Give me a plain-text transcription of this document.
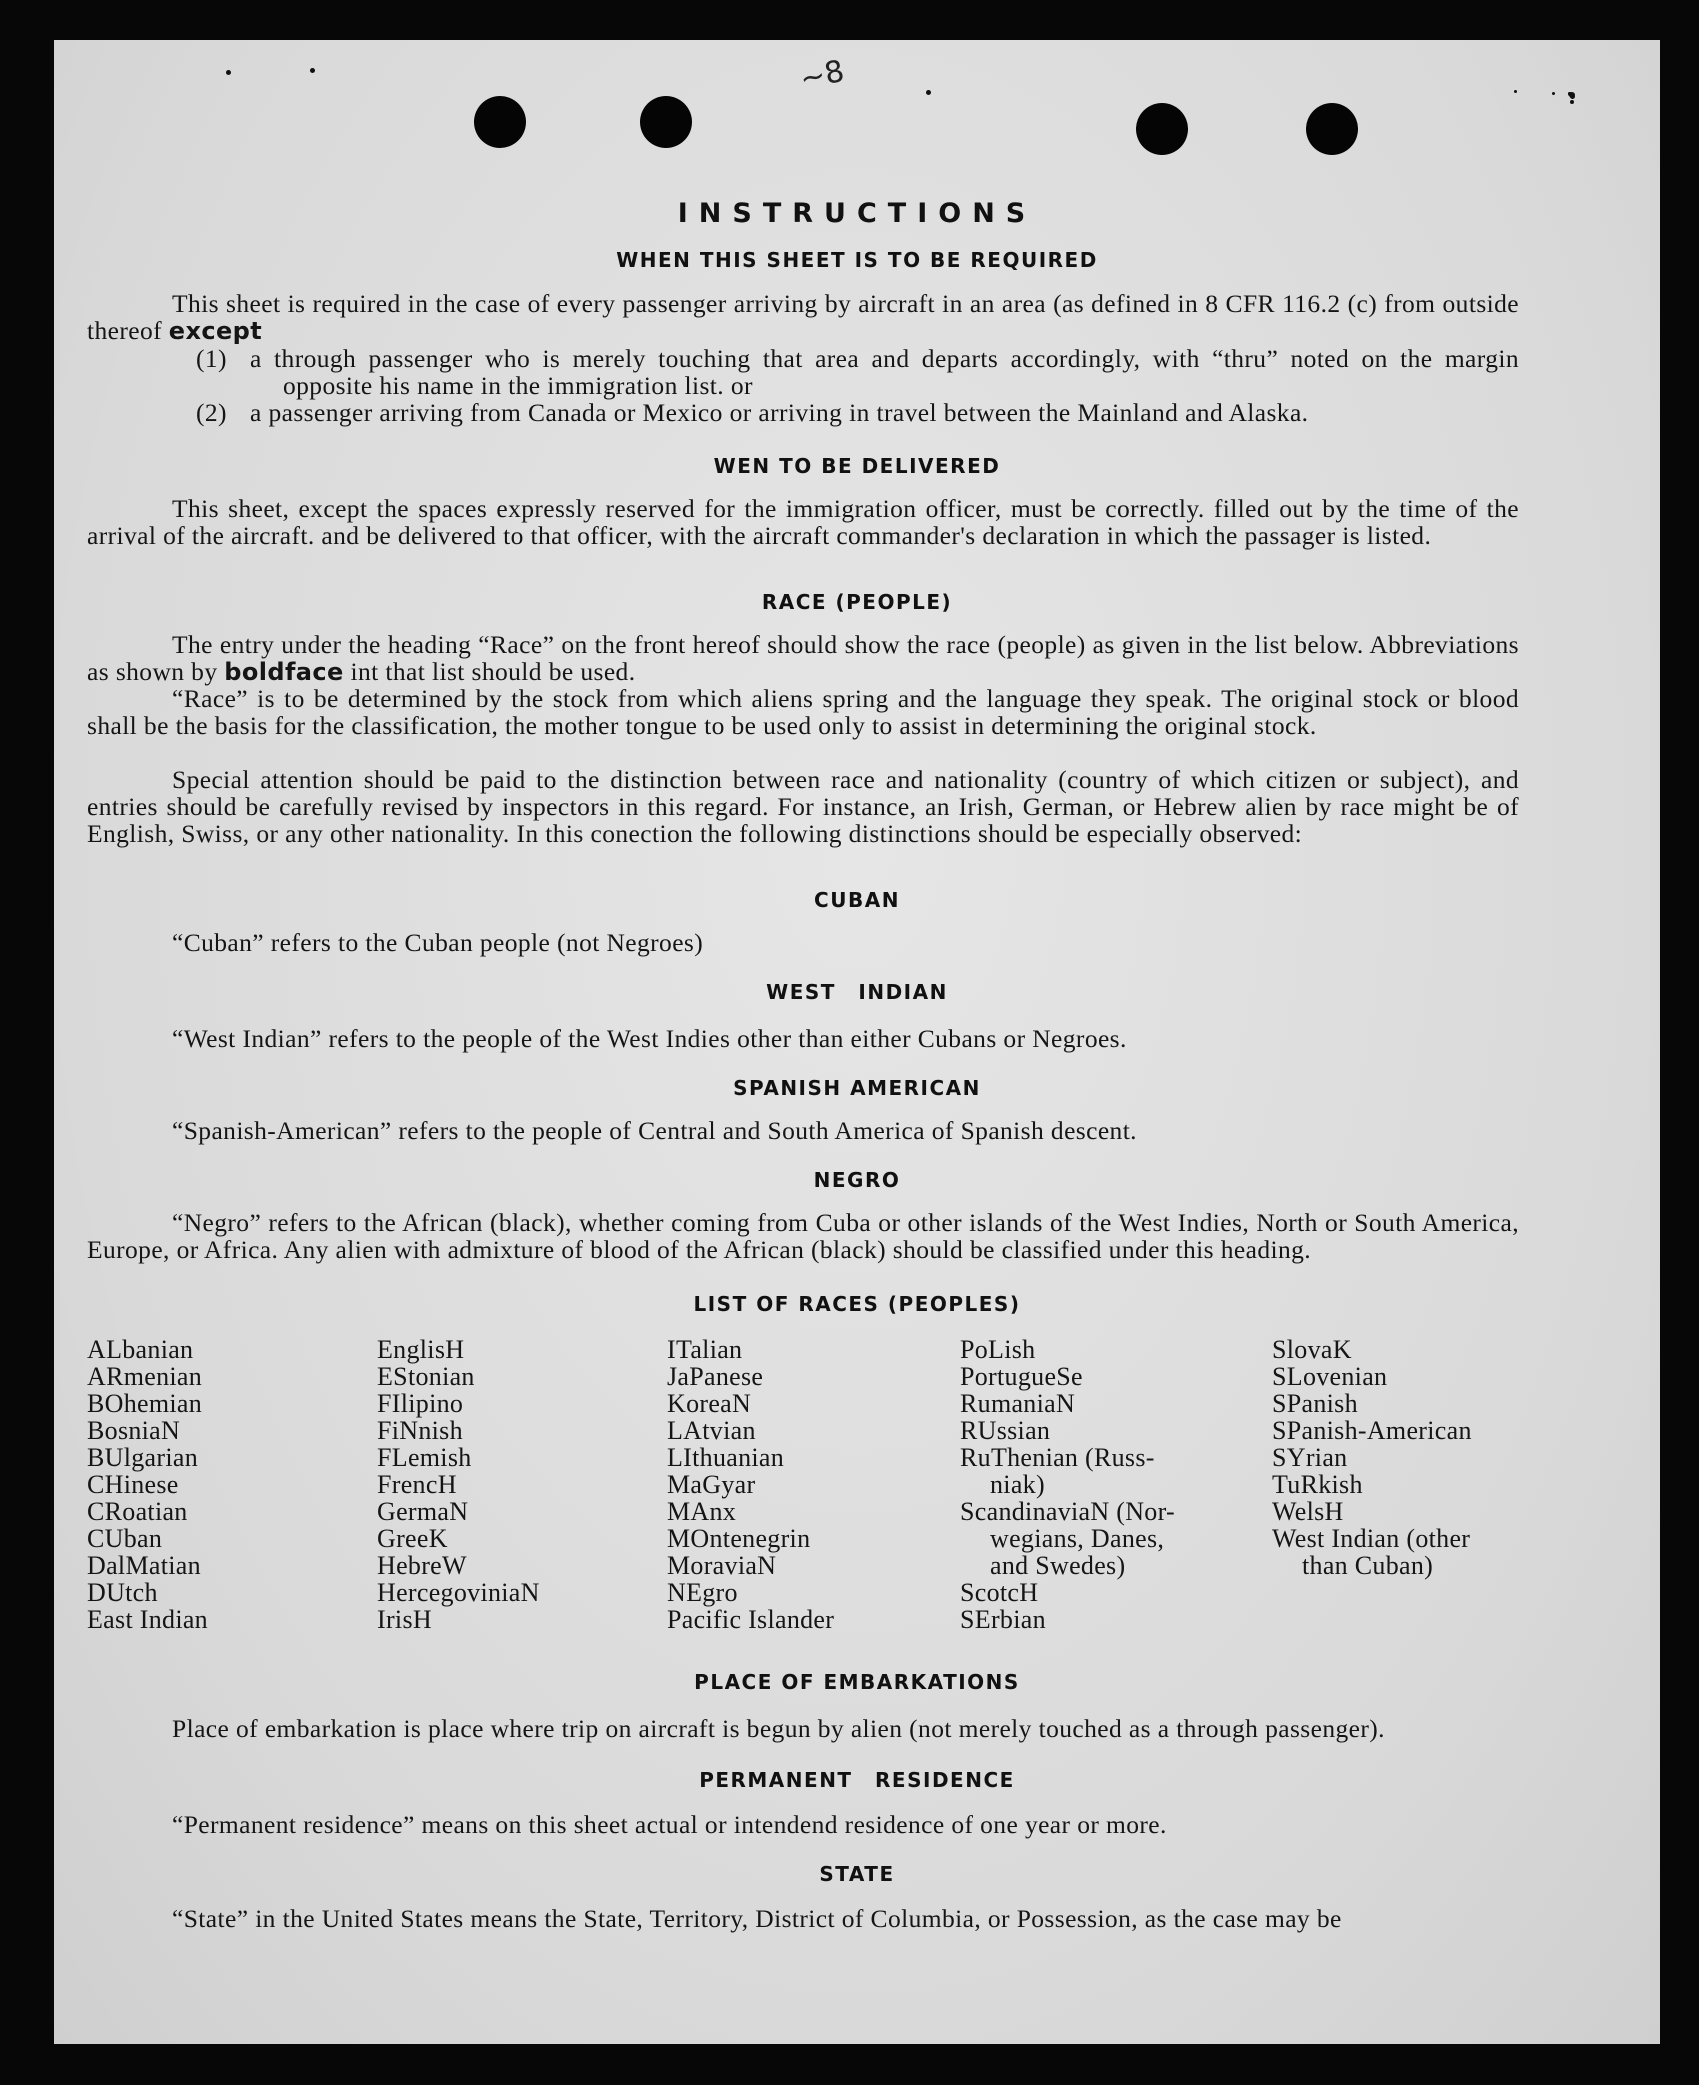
~8
INSTRUCTIONS
WHEN THIS SHEET IS TO BE REQUIRED
This sheet is required in the case of every passenger arriving by aircraft in an area (as defined in 8 CFR 116.2 (c) from outside thereof except
(1) a through passenger who is merely touching that area and departs accordingly, with “thru” noted on the margin opposite his name in the immigration list. or
(2) a passenger arriving from Canada or Mexico or arriving in travel between the Mainland and Alaska.
WEN TO BE DELIVERED
This sheet, except the spaces expressly reserved for the immigration officer, must be correctly. filled out by the time of the arrival of the aircraft. and be delivered to that officer, with the aircraft commander's declaration in which the passager is listed.
RACE (PEOPLE)
The entry under the heading “Race” on the front hereof should show the race (people) as given in the list below. Abbreviations as shown by boldface int that list should be used.
“Race” is to be determined by the stock from which aliens spring and the language they speak. The original stock or blood shall be the basis for the classification, the mother tongue to be used only to assist in determining the original stock.
Special attention should be paid to the distinction between race and nationality (country of which citizen or subject), and entries should be carefully revised by inspectors in this regard. For instance, an Irish, German, or Hebrew alien by race might be of English, Swiss, or any other nationality. In this conection the following distinctions should be especially observed:
CUBAN
“Cuban” refers to the Cuban people (not Negroes)
WEST INDIAN
“West Indian” refers to the people of the West Indies other than either Cubans or Negroes.
SPANISH AMERICAN
“Spanish-American” refers to the people of Central and South America of Spanish descent.
NEGRO
“Negro” refers to the African (black), whether coming from Cuba or other islands of the West Indies, North or South America, Europe, or Africa. Any alien with admixture of blood of the African (black) should be classified under this heading.
LIST OF RACES (PEOPLES)
ALbanian
ARmenian
BOhemian
BosniaN
BUlgarian
CHinese
CRoatian
CUban
DalMatian
DUtch
East Indian
EnglisH
EStonian
FIlipino
FiNnish
FLemish
FrencH
GermaN
GreeK
HebreW
HercegoviniaN
IrisH
ITalian
JaPanese
KoreaN
LAtvian
LIthuanian
MaGyar
MAnx
MOntenegrin
MoraviaN
NEgro
Pacific Islander
PoLish
PortugueSe
RumaniaN
RUssian
RuThenian (Russ-
niak)
ScandinaviaN (Nor-
wegians, Danes,
and Swedes)
ScotcH
SErbian
SlovaK
SLovenian
SPanish
SPanish-American
SYrian
TuRkish
WelsH
West Indian (other
than Cuban)
PLACE OF EMBARKATIONS
Place of embarkation is place where trip on aircraft is begun by alien (not merely touched as a through passenger).
PERMANENT RESIDENCE
“Permanent residence” means on this sheet actual or intendend residence of one year or more.
STATE
“State” in the United States means the State, Territory, District of Columbia, or Possession, as the case may be
